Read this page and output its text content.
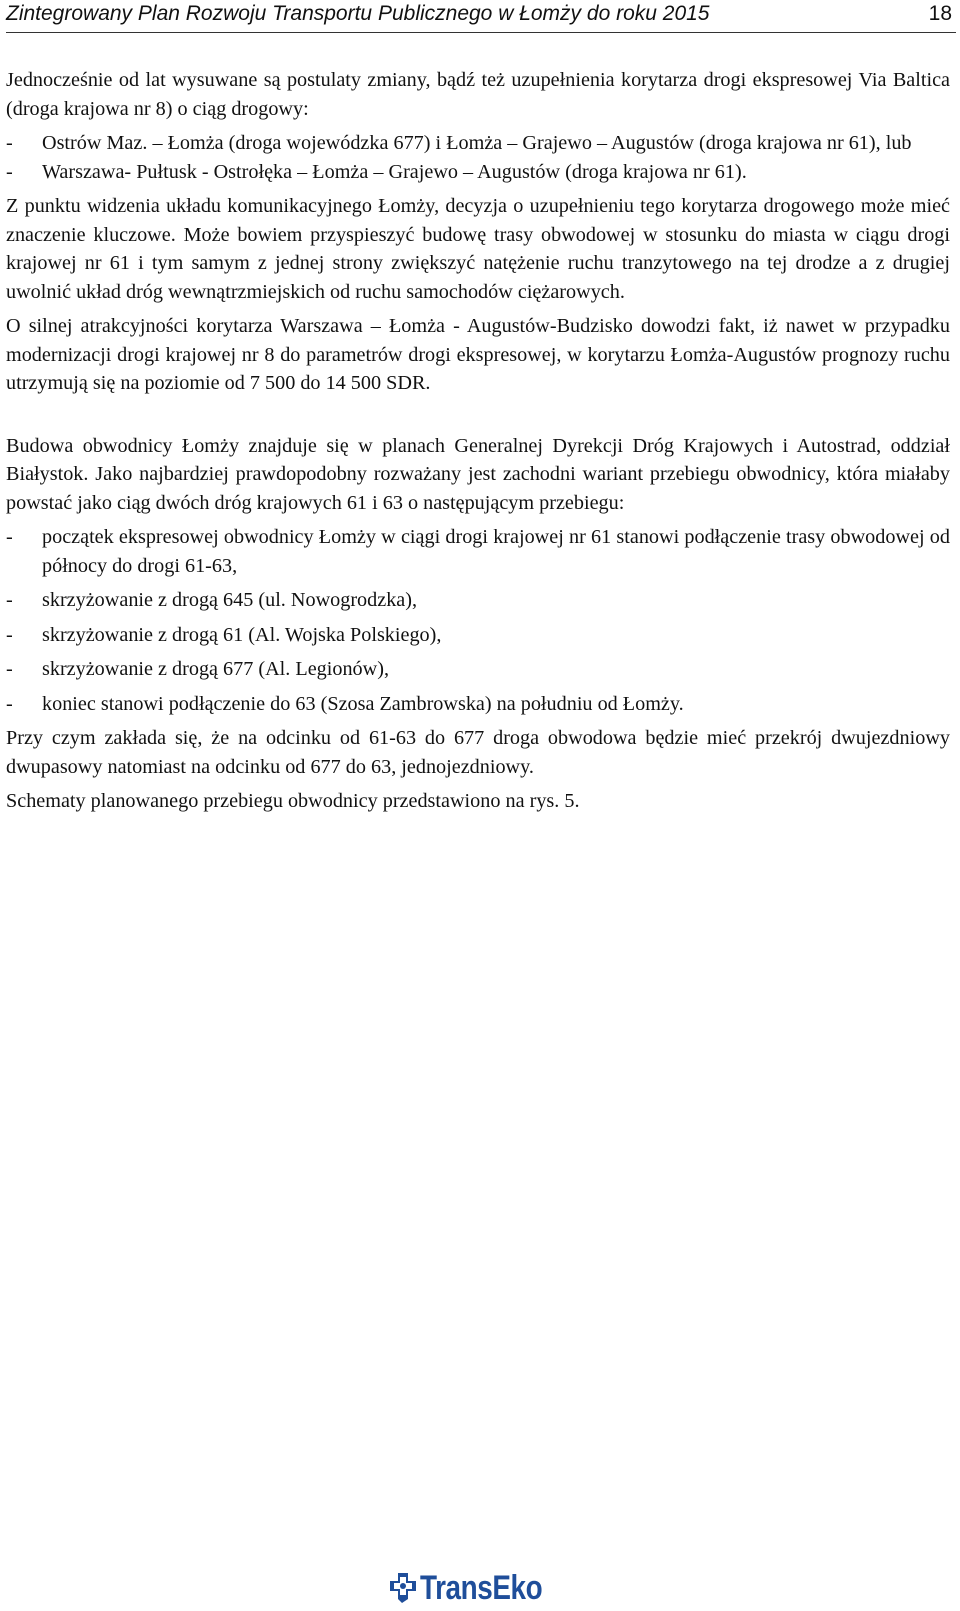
Zintegrowany Plan Rozwoju Transportu Publicznego w Łomży do roku 2015	18

Jednocześnie od lat wysuwane są postulaty zmiany, bądź też uzupełnienia korytarza drogi ekspresowej Via Baltica (droga krajowa nr 8) o ciąg drogowy:

- Ostrów Maz. – Łomża (droga wojewódzka 677) i Łomża – Grajewo – Augustów (droga krajowa nr 61), lub
- Warszawa- Pułtusk - Ostrołęka – Łomża – Grajewo – Augustów (droga krajowa nr 61).

Z punktu widzenia układu komunikacyjnego Łomży, decyzja o uzupełnieniu tego korytarza drogowego może mieć znaczenie kluczowe. Może bowiem przyspieszyć budowę trasy obwodowej w stosunku do miasta w ciągu drogi krajowej nr 61 i tym samym z jednej strony zwiększyć natężenie ruchu tranzytowego na tej drodze a z drugiej uwolnić układ dróg wewnątrzmiejskich od ruchu samochodów ciężarowych.

O silnej atrakcyjności korytarza Warszawa – Łomża - Augustów-Budzisko dowodzi fakt, iż nawet w przypadku modernizacji drogi krajowej nr 8 do parametrów drogi ekspresowej, w korytarzu Łomża-Augustów prognozy ruchu utrzymują się na poziomie od 7 500 do 14 500 SDR.

Budowa obwodnicy Łomży znajduje się w planach Generalnej Dyrekcji Dróg Krajowych i Autostrad, oddział Białystok. Jako najbardziej prawdopodobny rozważany jest zachodni wariant przebiegu obwodnicy, która miałaby powstać jako ciąg dwóch dróg krajowych 61 i 63 o następującym przebiegu:

- początek ekspresowej obwodnicy Łomży w ciągi drogi krajowej nr 61 stanowi podłączenie trasy obwodowej od północy do drogi 61-63,
- skrzyżowanie z drogą 645 (ul. Nowogrodzka),
- skrzyżowanie z drogą 61 (Al. Wojska Polskiego),
- skrzyżowanie z drogą 677 (Al. Legionów),
- koniec stanowi podłączenie do 63 (Szosa Zambrowska) na południu od Łomży.

Przy czym zakłada się, że na odcinku od 61-63 do 677 droga obwodowa będzie mieć przekrój dwujezdniowy dwupasowy natomiast na odcinku od 677 do 63, jednojezdniowy.

Schematy planowanego przebiegu obwodnicy przedstawiono na rys. 5.

TransEko
